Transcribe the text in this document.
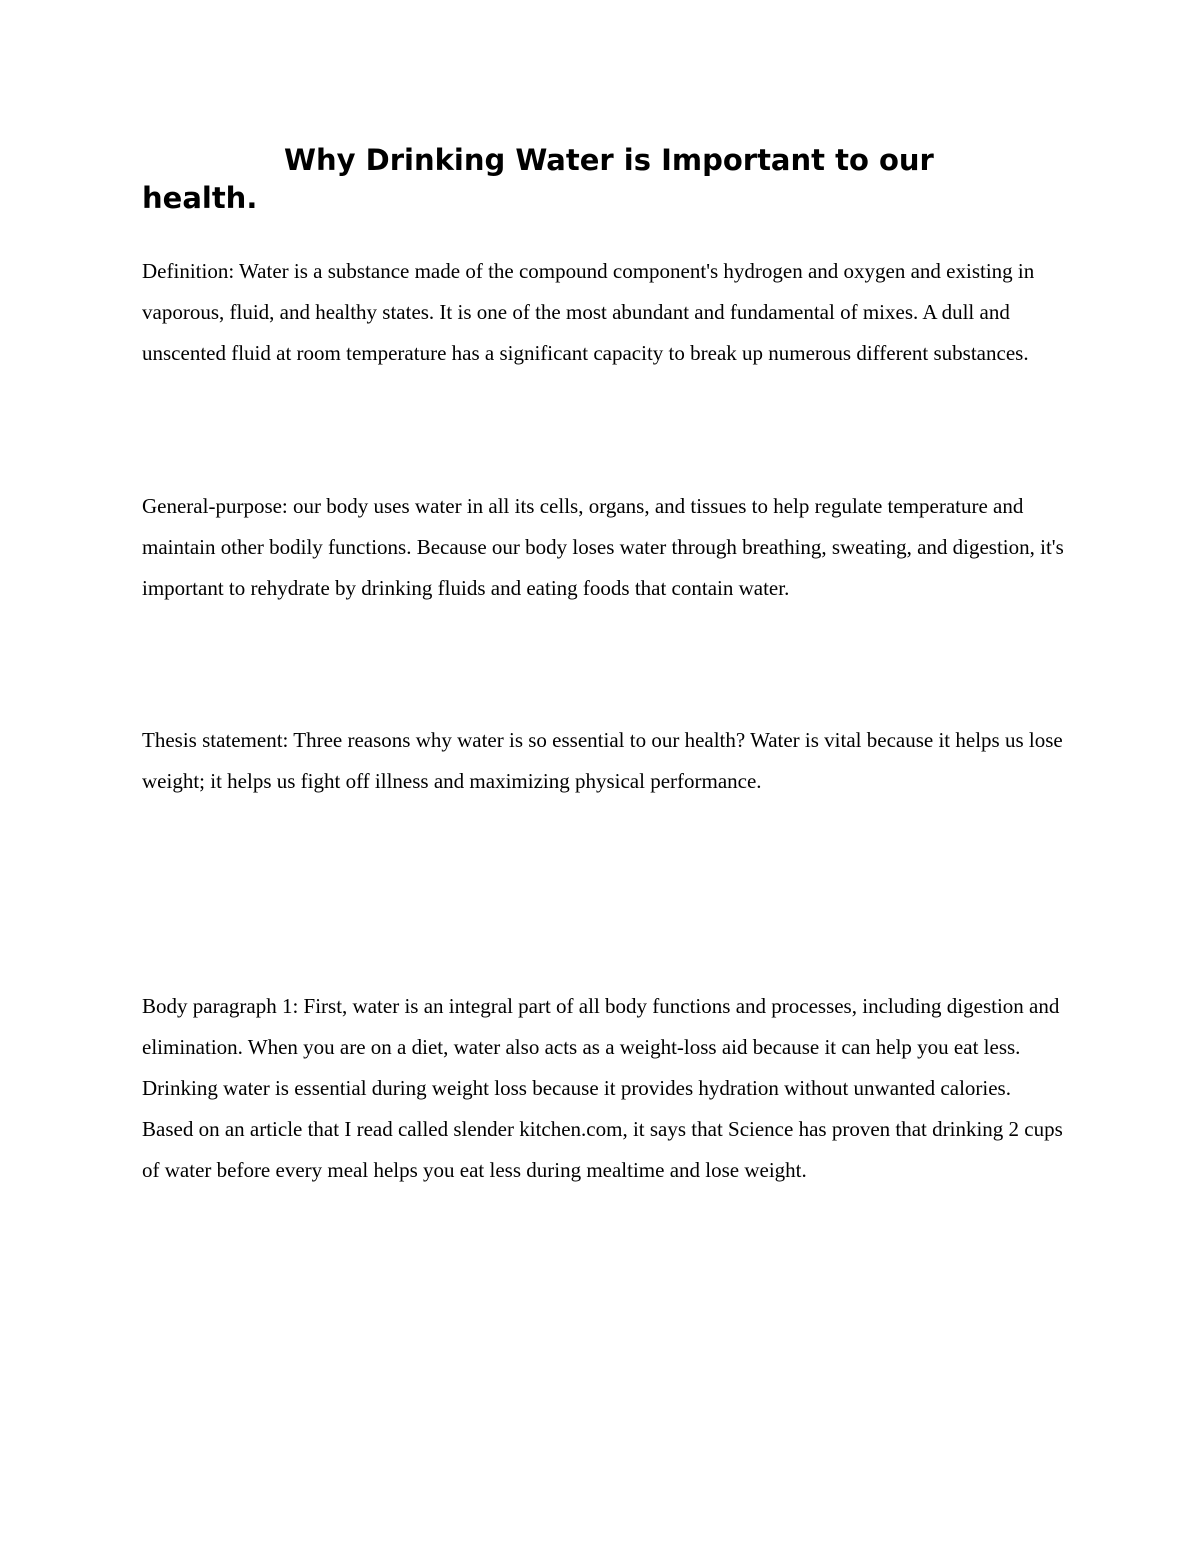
Why Drinking Water is Important to our health.

Definition: Water is a substance made of the compound component's hydrogen and oxygen and existing in vaporous, fluid, and healthy states. It is one of the most abundant and fundamental of mixes. A dull and unscented fluid at room temperature has a significant capacity to break up numerous different substances.

General-purpose: our body uses water in all its cells, organs, and tissues to help regulate temperature and maintain other bodily functions. Because our body loses water through breathing, sweating, and digestion, it's important to rehydrate by drinking fluids and eating foods that contain water.

Thesis statement: Three reasons why water is so essential to our health? Water is vital because it helps us lose weight; it helps us fight off illness and maximizing physical performance.

Body paragraph 1: First, water is an integral part of all body functions and processes, including digestion and elimination. When you are on a diet, water also acts as a weight-loss aid because it can help you eat less. Drinking water is essential during weight loss because it provides hydration without unwanted calories. Based on an article that I read called slender kitchen.com, it says that Science has proven that drinking 2 cups of water before every meal helps you eat less during mealtime and lose weight.
